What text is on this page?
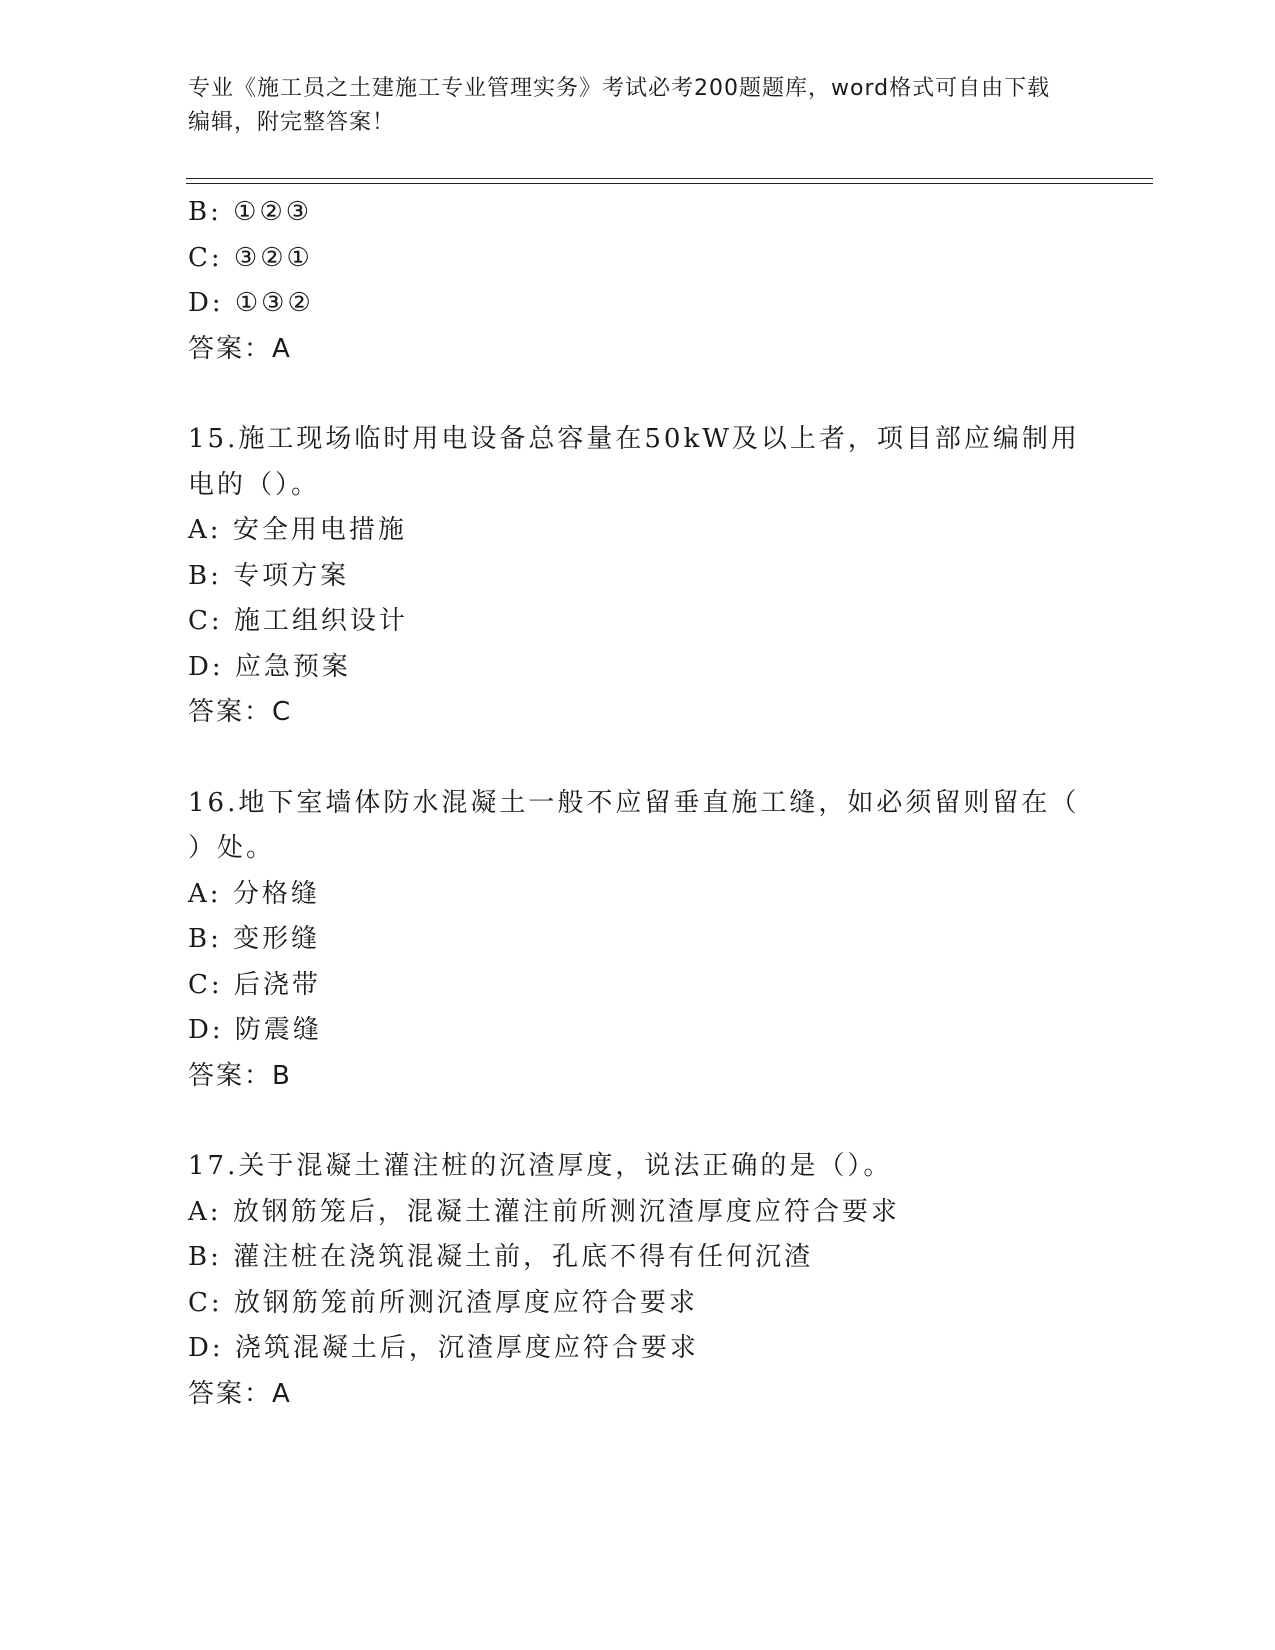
专业《施工员之土建施工专业管理实务》考试必考200题题库，word格式可自由下载编辑，附完整答案！
B: ①②③
C: ③②①
D: ①③②
答案：A
15.施工现场临时用电设备总容量在50kW及以上者，项目部应编制用
电的（）。
A: 安全用电措施
B: 专项方案
C: 施工组织设计
D: 应急预案
答案：C
16.地下室墙体防水混凝土一般不应留垂直施工缝，如必须留则留在（
）处。
A: 分格缝
B: 变形缝
C: 后浇带
D: 防震缝
答案：B
17.关于混凝土灌注桩的沉渣厚度，说法正确的是（）。
A: 放钢筋笼后，混凝土灌注前所测沉渣厚度应符合要求
B: 灌注桩在浇筑混凝土前，孔底不得有任何沉渣
C: 放钢筋笼前所测沉渣厚度应符合要求
D: 浇筑混凝土后，沉渣厚度应符合要求
答案：A
